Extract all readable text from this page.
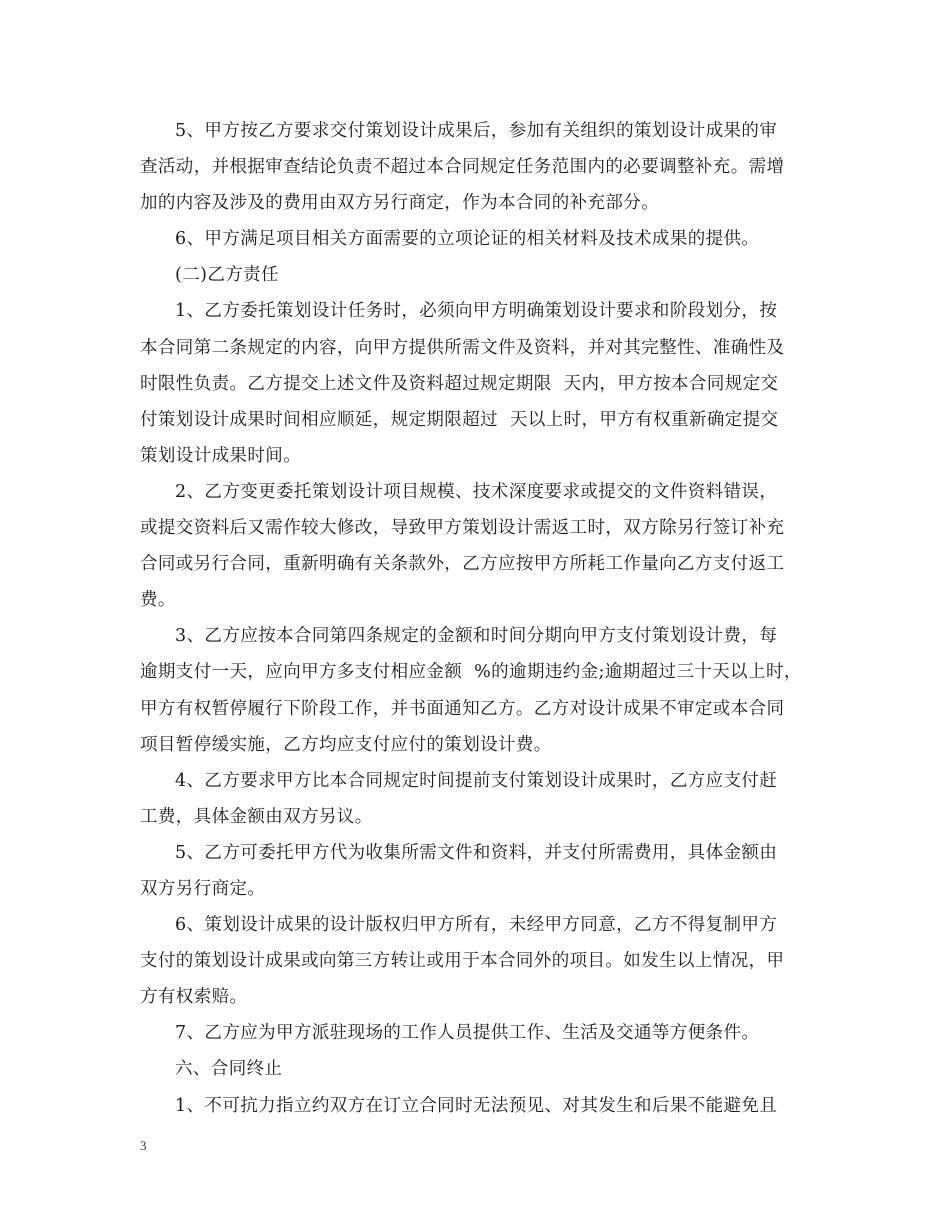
5、甲方按乙方要求交付策划设计成果后，参加有关组织的策划设计成果的审
查活动，并根据审查结论负责不超过本合同规定任务范围内的必要调整补充。需增
加的内容及涉及的费用由双方另行商定，作为本合同的补充部分。
6、甲方满足项目相关方面需要的立项论证的相关材料及技术成果的提供。
(二)乙方责任
1、乙方委托策划设计任务时，必须向甲方明确策划设计要求和阶段划分，按
本合同第二条规定的内容，向甲方提供所需文件及资料，并对其完整性、准确性及
时限性负责。乙方提交上述文件及资料超过规定期限  天内，甲方按本合同规定交
付策划设计成果时间相应顺延，规定期限超过  天以上时，甲方有权重新确定提交
策划设计成果时间。
2、乙方变更委托策划设计项目规模、技术深度要求或提交的文件资料错误，
或提交资料后又需作较大修改，导致甲方策划设计需返工时，双方除另行签订补充
合同或另行合同，重新明确有关条款外，乙方应按甲方所耗工作量向乙方支付返工
费。
3、乙方应按本合同第四条规定的金额和时间分期向甲方支付策划设计费，每
逾期支付一天，应向甲方多支付相应金额  %的逾期违约金;逾期超过三十天以上时，
甲方有权暂停履行下阶段工作，并书面通知乙方。乙方对设计成果不审定或本合同
项目暂停缓实施，乙方均应支付应付的策划设计费。
4、乙方要求甲方比本合同规定时间提前支付策划设计成果时，乙方应支付赶
工费，具体金额由双方另议。
5、乙方可委托甲方代为收集所需文件和资料，并支付所需费用，具体金额由
双方另行商定。
6、策划设计成果的设计版权归甲方所有，未经甲方同意，乙方不得复制甲方
支付的策划设计成果或向第三方转让或用于本合同外的项目。如发生以上情况，甲
方有权索赔。
7、乙方应为甲方派驻现场的工作人员提供工作、生活及交通等方便条件。
六、合同终止
1、不可抗力指立约双方在订立合同时无法预见、对其发生和后果不能避免且
3
